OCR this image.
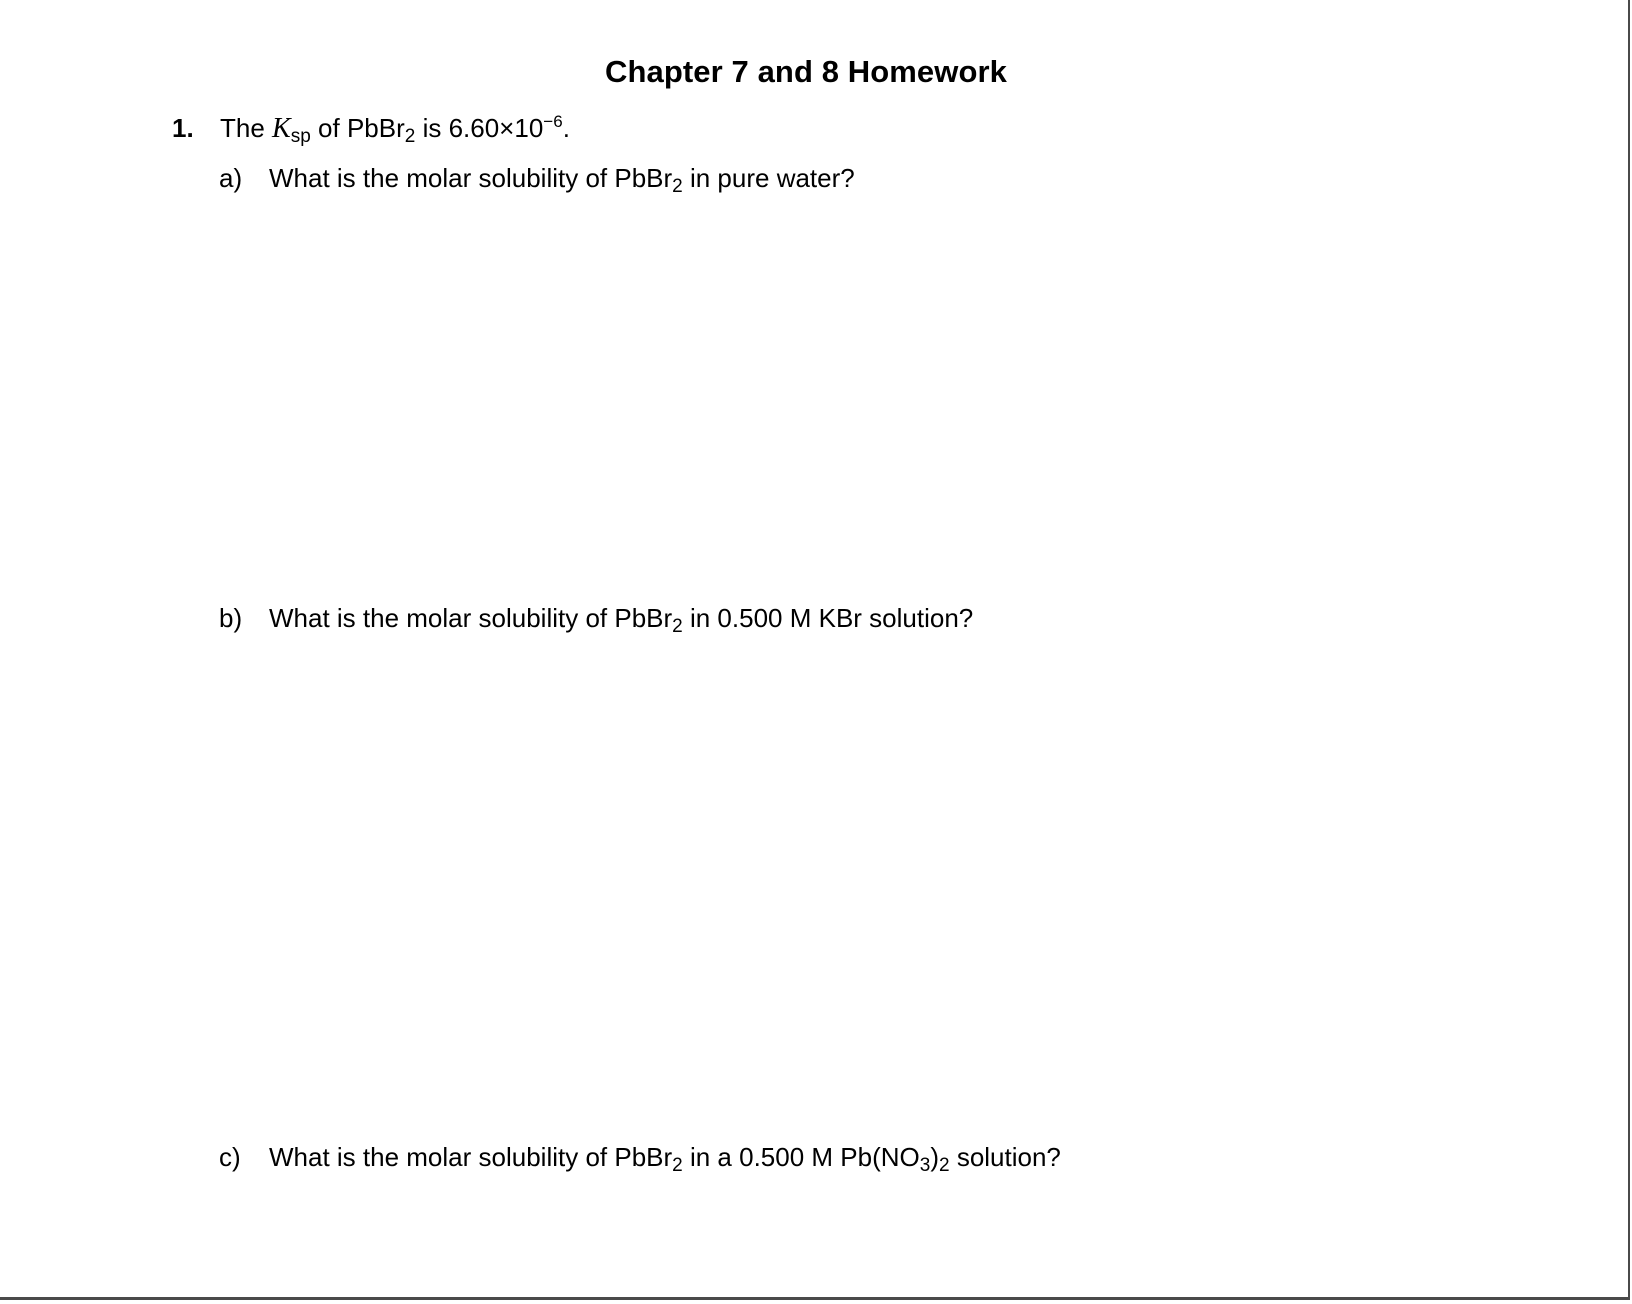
Chapter 7 and 8 Homework
1. The $K_{sp}$ of PbBr$_2$ is $6.60\times 10^{-6}$.
a) What is the molar solubility of PbBr$_2$ in pure water?
b) What is the molar solubility of PbBr$_2$ in 0.500 M KBr solution?
c) What is the molar solubility of PbBr$_2$ in a 0.500 M $Pb(NO_3)_2$ solution?
